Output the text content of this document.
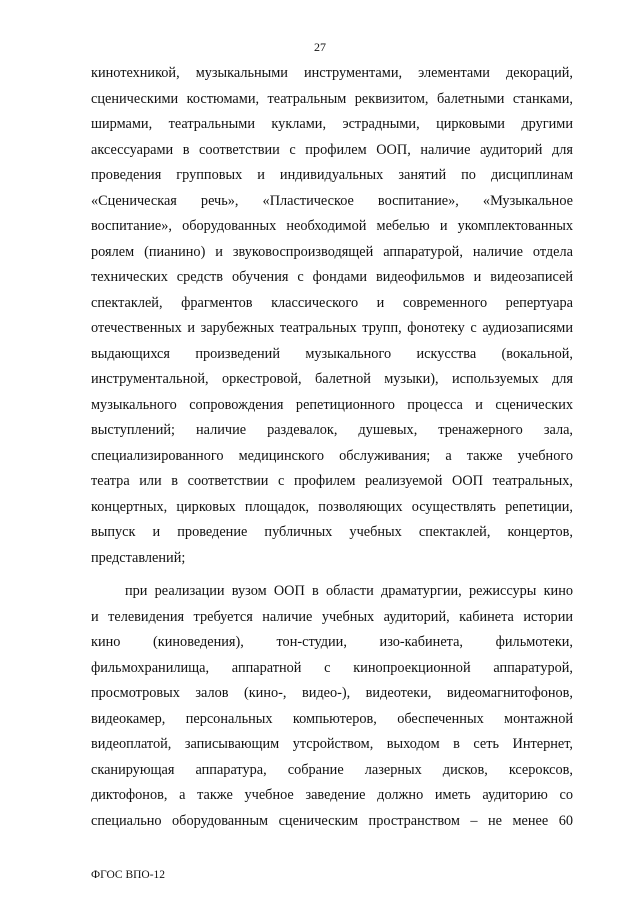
27
кинотехникой, музыкальными инструментами, элементами декораций,
сценическими костюмами, театральным реквизитом, балетными станками,
ширмами, театральными куклами, эстрадными, цирковыми другими
аксессуарами в соответствии с профилем ООП, наличие аудиторий для
проведения групповых и индивидуальных занятий по дисциплинам
«Сценическая речь», «Пластическое воспитание», «Музыкальное
воспитание», оборудованных необходимой мебелью и укомплектованных
роялем (пианино) и звуковоспроизводящей аппаратурой, наличие отдела
технических средств обучения с фондами видеофильмов и видеозаписей
спектаклей, фрагментов классического и современного репертуара
отечественных и зарубежных театральных трупп, фонотеку с аудиозаписями
выдающихся произведений музыкального искусства (вокальной,
инструментальной, оркестровой, балетной музыки), используемых для
музыкального сопровождения репетиционного процесса и сценических
выступлений; наличие раздевалок, душевых, тренажерного зала,
специализированного медицинского обслуживания; а также учебного
театра или в соответствии с профилем реализуемой ООП театральных,
концертных, цирковых площадок, позволяющих осуществлять репетиции,
выпуск и проведение публичных учебных спектаклей, концертов,
представлений;
при реализации вузом ООП в области драматургии, режиссуры кино
и телевидения требуется наличие учебных аудиторий, кабинета истории
кино (киноведения), тон-студии, изо-кабинета, фильмотеки,
фильмохранилища, аппаратной с кинопроекционной аппаратурой,
просмотровых залов (кино-, видео-), видеотеки, видеомагнитофонов,
видеокамер, персональных компьютеров, обеспеченных монтажной
видеоплатой, записывающим утсройством, выходом в сеть Интернет,
сканирующая аппаратура, собрание лазерных дисков, ксероксов,
диктофонов, а также учебное заведение должно иметь аудиторию со
специально оборудованным сценическим пространством – не менее 60
ФГОС ВПО-12
